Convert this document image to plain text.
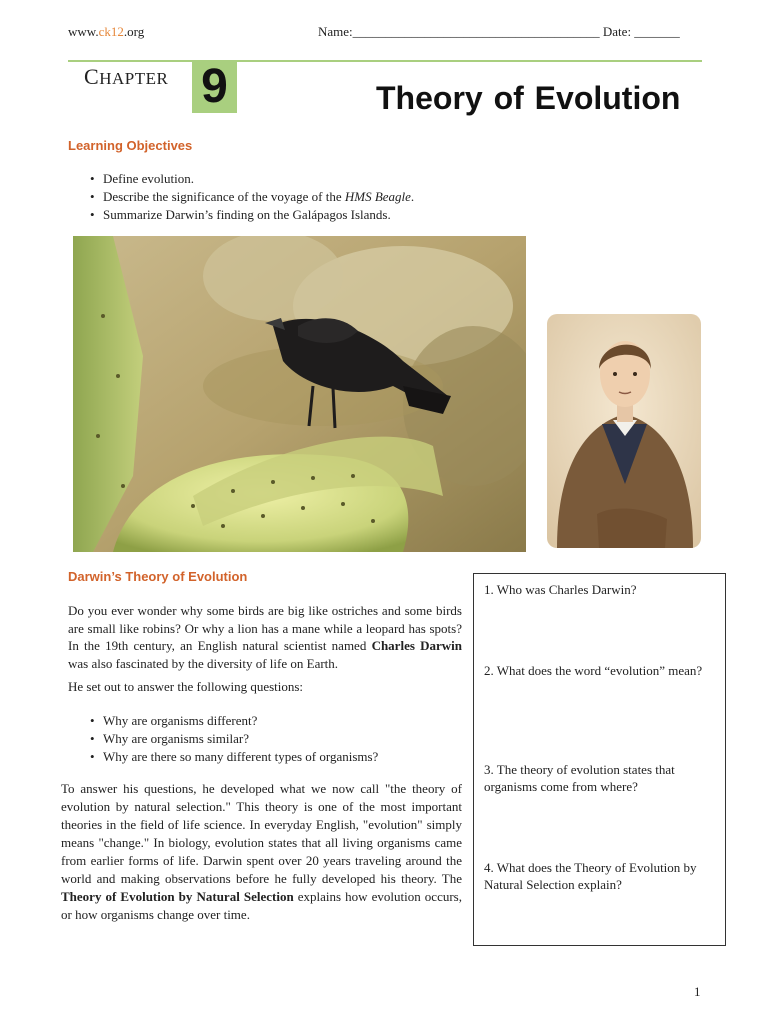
www.ck12.org	Name:______________________________________ Date: _______
CHAPTER 9	Theory of Evolution
Learning Objectives
• Define evolution.
• Describe the significance of the voyage of the HMS Beagle.
• Summarize Darwin’s finding on the Galápagos Islands.
Darwin’s Theory of Evolution
Do you ever wonder why some birds are big like ostriches and some birds are small like robins? Or why a lion has a mane while a leopard has spots? In the 19th century, an English natural scientist named Charles Darwin was also fascinated by the diversity of life on Earth.
He set out to answer the following questions:
• Why are organisms different?
• Why are organisms similar?
• Why are there so many different types of organisms?
To answer his questions, he developed what we now call "the theory of evolution by natural selection." This theory is one of the most important theories in the field of life science. In everyday English, "evolution" simply means "change." In biology, evolution states that all living organisms came from earlier forms of life. Darwin spent over 20 years traveling around the world and making observations before he fully developed his theory. The Theory of Evolution by Natural Selection explains how evolution occurs, or how organisms change over time.
1. Who was Charles Darwin?
2. What does the word “evolution” mean?
3. The theory of evolution states that organisms come from where?
4. What does the Theory of Evolution by Natural Selection explain?
1
